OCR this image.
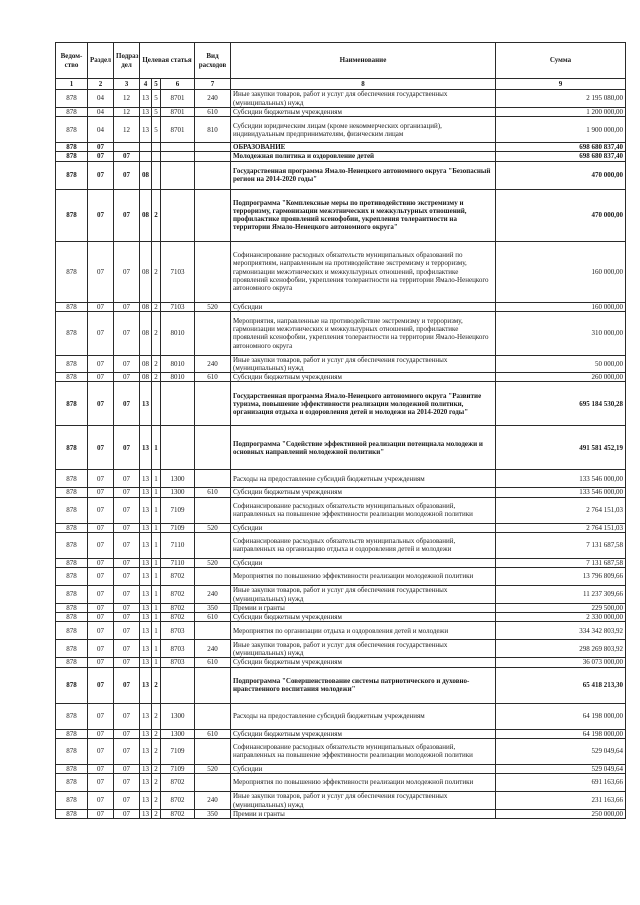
Ведом-ство	Раздел	Подраз дел	Целевая статья			Вид расходов	Наименование	Сумма
1	2	3	4	5	6	7	8	9
878	04	12	13	5	8701	240	Иные закупки товаров, работ и услуг для обеспечения государственных (муниципальных) нужд	2 195 080,00
878	04	12	13	5	8701	610	Субсидии бюджетным учреждениям	1 200 000,00
878	04	12	13	5	8701	810	Субсидии юридическим лицам (кроме некоммерческих организаций), индивидуальным предпринимателям, физическим лицам	1 900 000,00
878	07						ОБРАЗОВАНИЕ	698 680 837,40
878	07	07					Молодежная политика и оздоровление детей	698 680 837,40
878	07	07	08				Государственная программа Ямало-Ненецкого автономного округа "Безопасный регион на 2014-2020 годы"	470 000,00
878	07	07	08	2			Подпрограмма "Комплексные меры по противодействию экстремизму и терроризму, гармонизации межэтнических и межкультурных отношений, профилактике проявлений ксенофобии, укрепления толерантности на территории Ямало-Ненецкого автономного округа"	470 000,00
878	07	07	08	2	7103		Софинансирование расходных обязательств муниципальных образований по мероприятиям, направленным на противодействие экстремизму и терроризму, гармонизации межэтнических и межкультурных отношений, профилактике проявлений ксенофобии, укрепления толерантности на территории Ямало-Ненецкого автономного округа	160 000,00
878	07	07	08	2	7103	520	Субсидии	160 000,00
878	07	07	08	2	8010		Мероприятия, направленные на противодействие экстремизму и терроризму, гармонизации межэтнических и межкультурных отношений, профилактике проявлений ксенофобии, укрепления толерантности на территории Ямало-Ненецкого автономного округа	310 000,00
878	07	07	08	2	8010	240	Иные закупки товаров, работ и услуг для обеспечения государственных (муниципальных) нужд	50 000,00
878	07	07	08	2	8010	610	Субсидии бюджетным учреждениям	260 000,00
878	07	07	13				Государственная программа Ямало-Ненецкого автономного округа "Развитие туризма, повышение эффективности реализации молодежной политики, организация отдыха и оздоровления детей и молодежи на 2014-2020 годы"	695 184 530,28
878	07	07	13	1			Подпрограмма "Содействие эффективной реализации потенциала молодежи и основных направлений молодежной политики"	491 581 452,19
878	07	07	13	1	1300		Расходы на предоставление субсидий бюджетным учреждениям	133 546 000,00
878	07	07	13	1	1300	610	Субсидии бюджетным учреждениям	133 546 000,00
878	07	07	13	1	7109		Софинансирование расходных обязательств муниципальных образований, направленных на повышение эффективности реализации молодежной политики	2 764 151,03
878	07	07	13	1	7109	520	Субсидии	2 764 151,03
878	07	07	13	1	7110		Софинансирование расходных обязательств муниципальных образований, направленных на организацию отдыха и оздоровления детей и молодежи	7 131 687,58
878	07	07	13	1	7110	520	Субсидии	7 131 687,58
878	07	07	13	1	8702		Мероприятия по повышению эффективности реализации молодежной политики	13 796 809,66
878	07	07	13	1	8702	240	Иные закупки товаров, работ и услуг для обеспечения государственных (муниципальных) нужд	11 237 309,66
878	07	07	13	1	8702	350	Премии и гранты	229 500,00
878	07	07	13	1	8702	610	Субсидии бюджетным учреждениям	2 330 000,00
878	07	07	13	1	8703		Мероприятия по организации отдыха и оздоровления детей и молодежи	334 342 803,92
878	07	07	13	1	8703	240	Иные закупки товаров, работ и услуг для обеспечения государственных (муниципальных) нужд	298 269 803,92
878	07	07	13	1	8703	610	Субсидии бюджетным учреждениям	36 073 000,00
878	07	07	13	2			Подпрограмма "Совершенствование системы патриотического и духовно-нравственного воспитания молодежи"	65 418 213,30
878	07	07	13	2	1300		Расходы на предоставление субсидий бюджетным учреждениям	64 198 000,00
878	07	07	13	2	1300	610	Субсидии бюджетным учреждениям	64 198 000,00
878	07	07	13	2	7109		Софинансирование расходных обязательств муниципальных образований, направленных на повышение эффективности реализации молодежной политики	529 049,64
878	07	07	13	2	7109	520	Субсидии	529 049,64
878	07	07	13	2	8702		Мероприятия по повышению эффективности реализации молодежной политики	691 163,66
878	07	07	13	2	8702	240	Иные закупки товаров, работ и услуг для обеспечения государственных (муниципальных) нужд	231 163,66
878	07	07	13	2	8702	350	Премии и гранты	250 000,00
